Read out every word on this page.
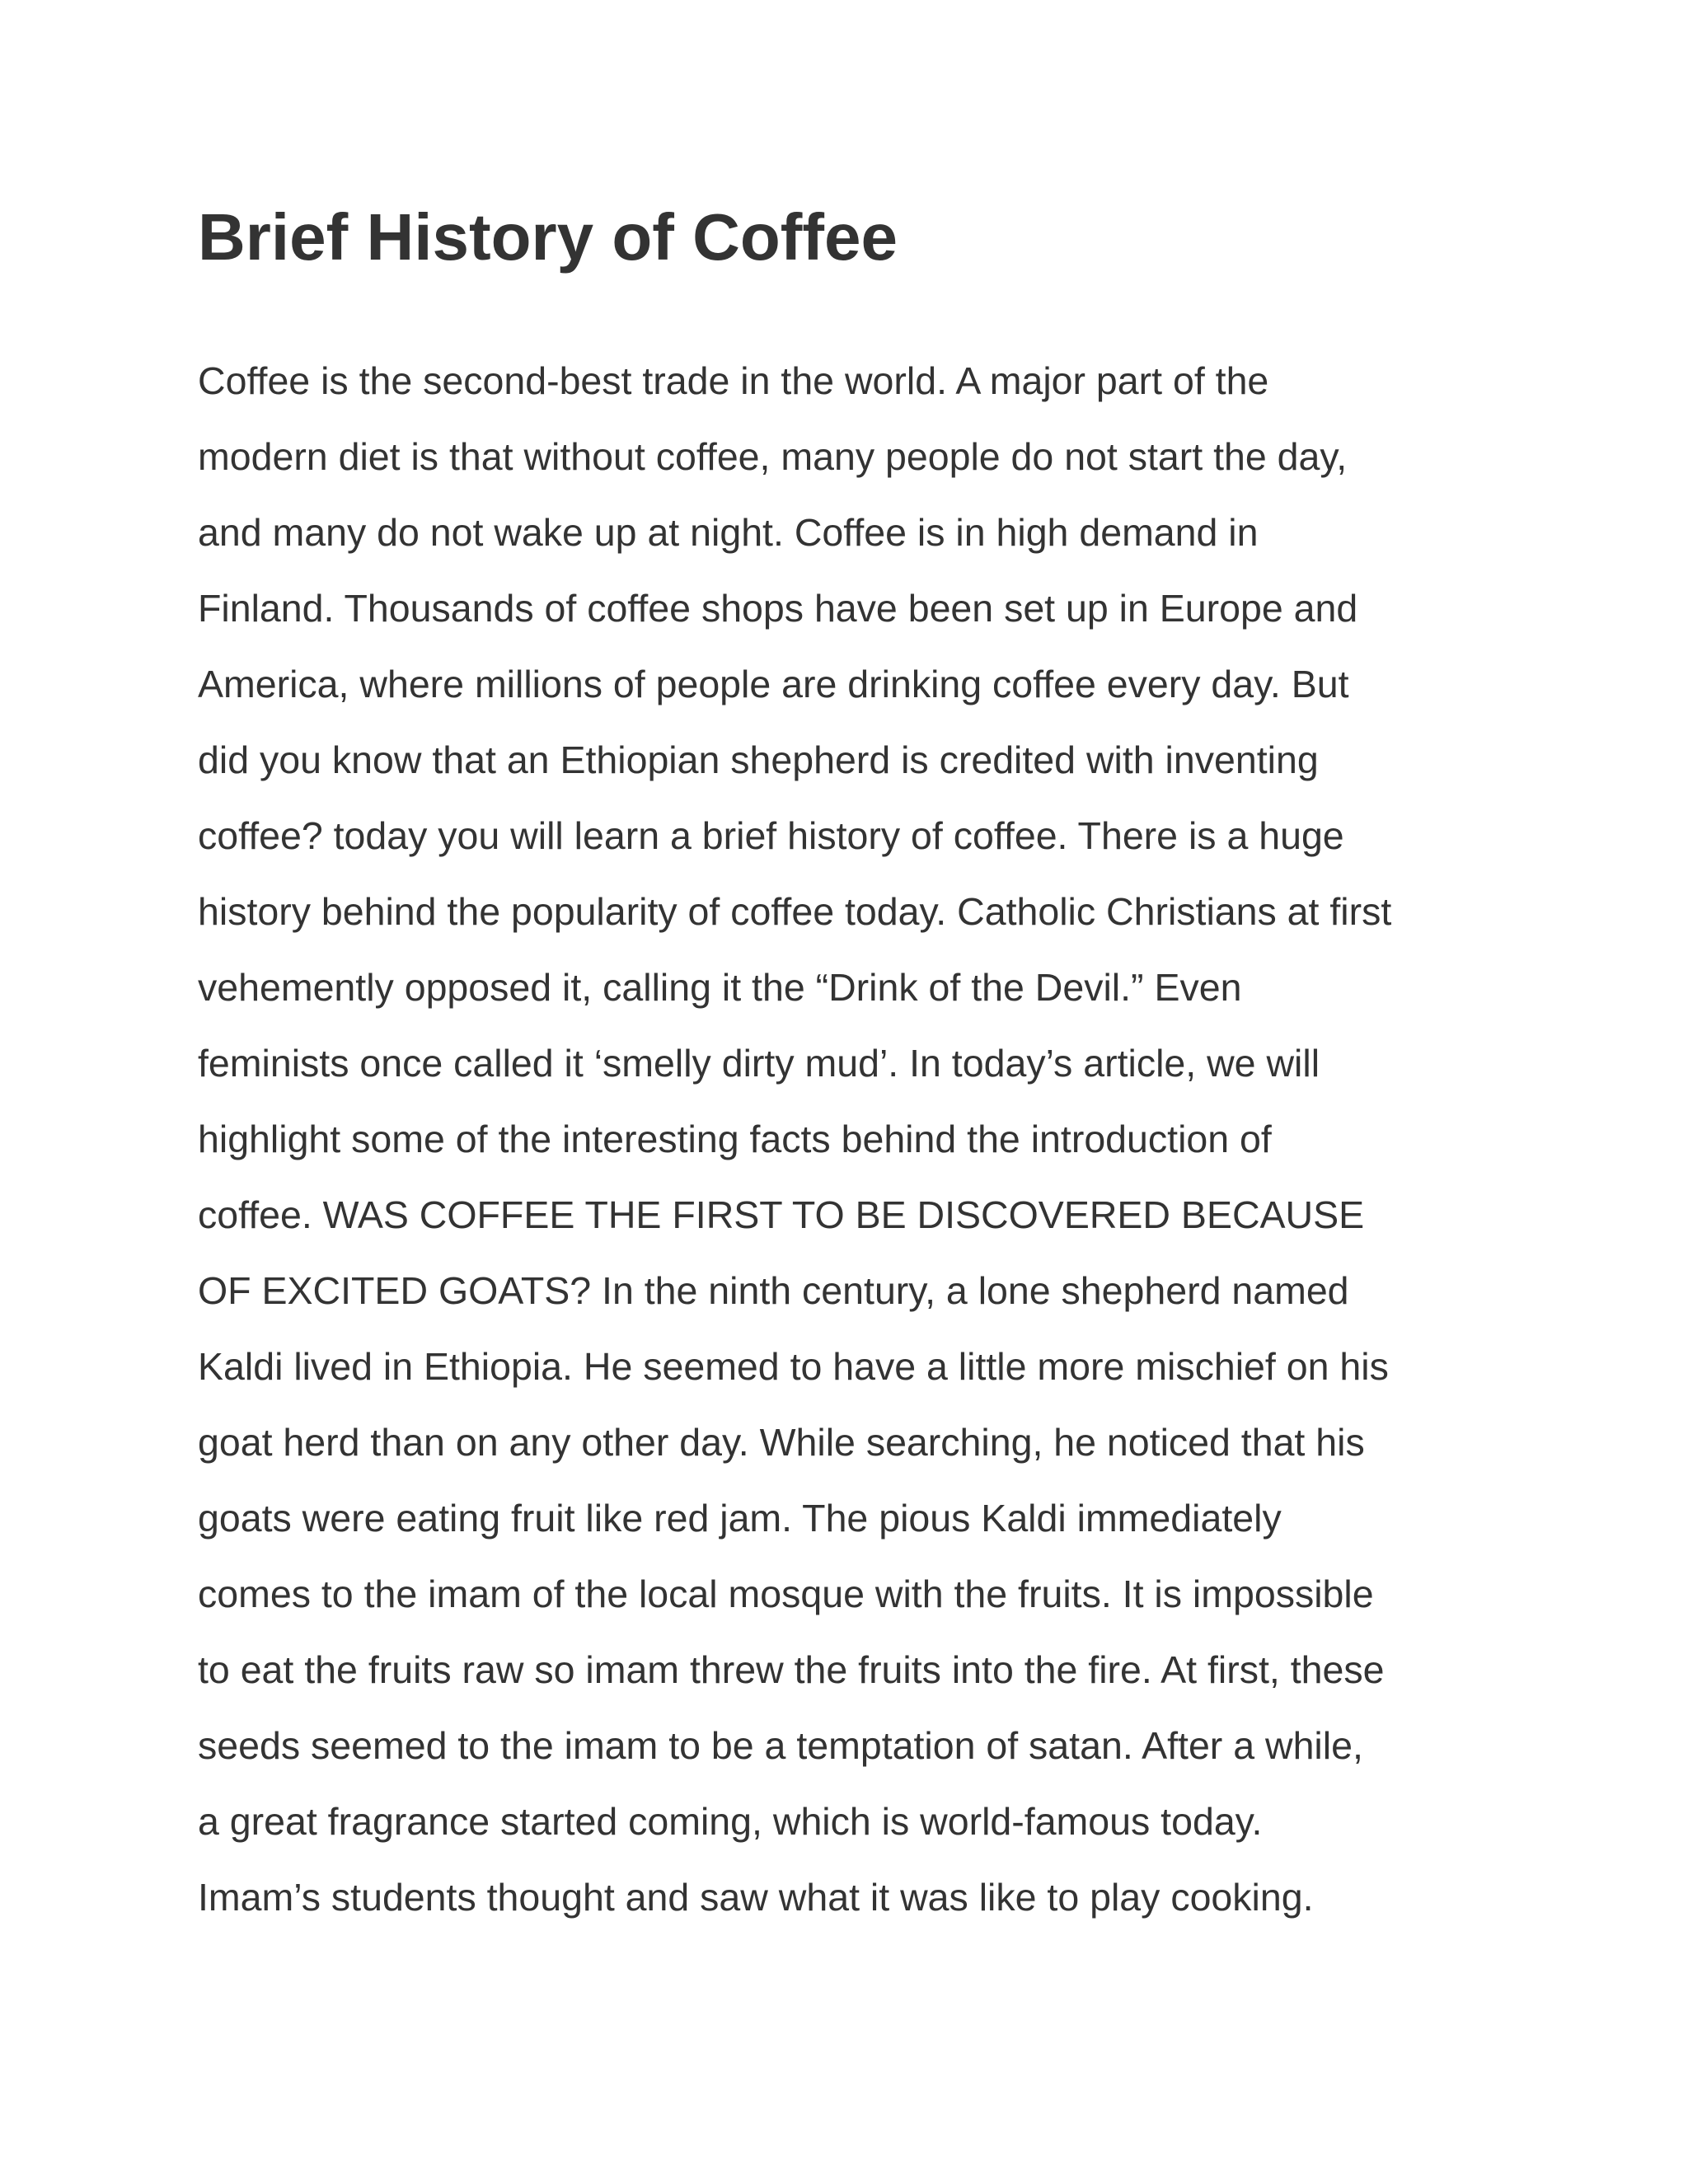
Brief History of Coffee
Coffee is the second-best trade in the world. A major part of the
modern diet is that without coffee, many people do not start the day,
and many do not wake up at night. Coffee is in high demand in
Finland. Thousands of coffee shops have been set up in Europe and
America, where millions of people are drinking coffee every day. But
did you know that an Ethiopian shepherd is credited with inventing
coffee? today you will learn a brief history of coffee. There is a huge
history behind the popularity of coffee today. Catholic Christians at first
vehemently opposed it, calling it the “Drink of the Devil.” Even
feminists once called it ‘smelly dirty mud’. In today’s article, we will
highlight some of the interesting facts behind the introduction of
coffee. WAS COFFEE THE FIRST TO BE DISCOVERED BECAUSE
OF EXCITED GOATS? In the ninth century, a lone shepherd named
Kaldi lived in Ethiopia. He seemed to have a little more mischief on his
goat herd than on any other day. While searching, he noticed that his
goats were eating fruit like red jam. The pious Kaldi immediately
comes to the imam of the local mosque with the fruits. It is impossible
to eat the fruits raw so imam threw the fruits into the fire. At first, these
seeds seemed to the imam to be a temptation of satan. After a while,
a great fragrance started coming, which is world-famous today.
Imam’s students thought and saw what it was like to play cooking.
